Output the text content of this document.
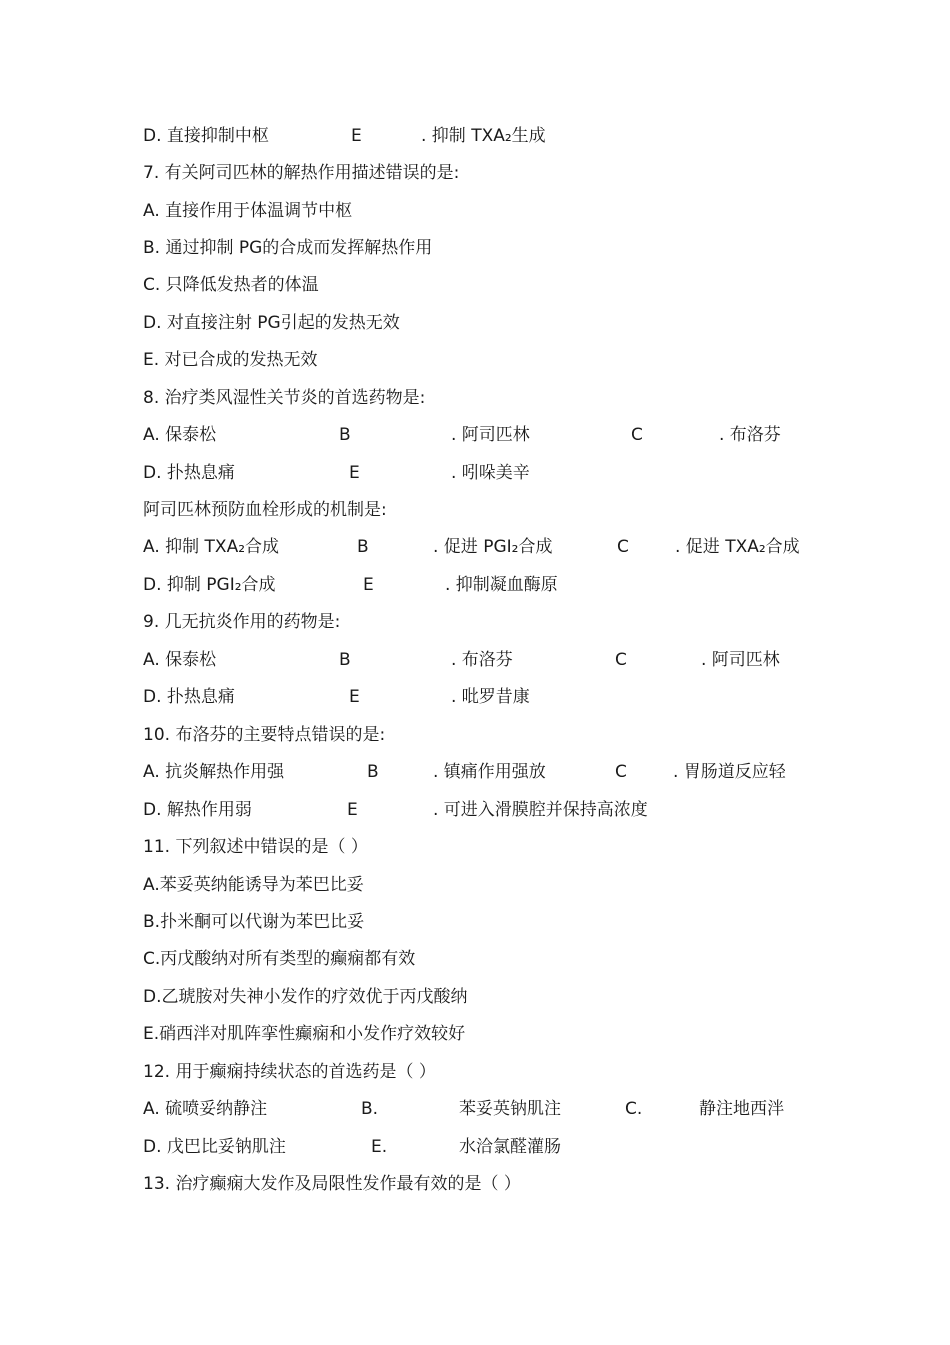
D. 直接抑制中枢	E	. 抑制 TXA₂生成
7. 有关阿司匹林的解热作用描述错误的是:
A. 直接作用于体温调节中枢
B. 通过抑制 PG的合成而发挥解热作用
C. 只降低发热者的体温
D. 对直接注射 PG引起的发热无效
E. 对已合成的发热无效
8. 治疗类风湿性关节炎的首选药物是:
A. 保泰松	B	. 阿司匹林	C	. 布洛芬
D. 扑热息痛	E	. 吲哚美辛
阿司匹林预防血栓形成的机制是:
A. 抑制 TXA₂合成	B	. 促进 PGI₂合成	C	. 促进 TXA₂合成
D. 抑制 PGI₂合成	E	. 抑制凝血酶原
9. 几无抗炎作用的药物是:
A. 保泰松	B	. 布洛芬	C	. 阿司匹林
D. 扑热息痛	E	. 吡罗昔康
10. 布洛芬的主要特点错误的是:
A. 抗炎解热作用强	B	. 镇痛作用强放	C	. 胃肠道反应轻
D. 解热作用弱	E	. 可进入滑膜腔并保持高浓度
11. 下列叙述中错误的是（ ）
A.苯妥英纳能诱导为苯巴比妥
B.扑米酮可以代谢为苯巴比妥
C.丙戊酸纳对所有类型的癫痫都有效
D.乙琥胺对失神小发作的疗效优于丙戊酸纳
E.硝西泮对肌阵挛性癫痫和小发作疗效较好
12. 用于癫痫持续状态的首选药是（ ）
A. 硫喷妥纳静注	B.	苯妥英钠肌注	C.	静注地西泮
D. 戊巴比妥钠肌注	E.	水洽氯醛灌肠
13. 治疗癫痫大发作及局限性发作最有效的是（ ）
